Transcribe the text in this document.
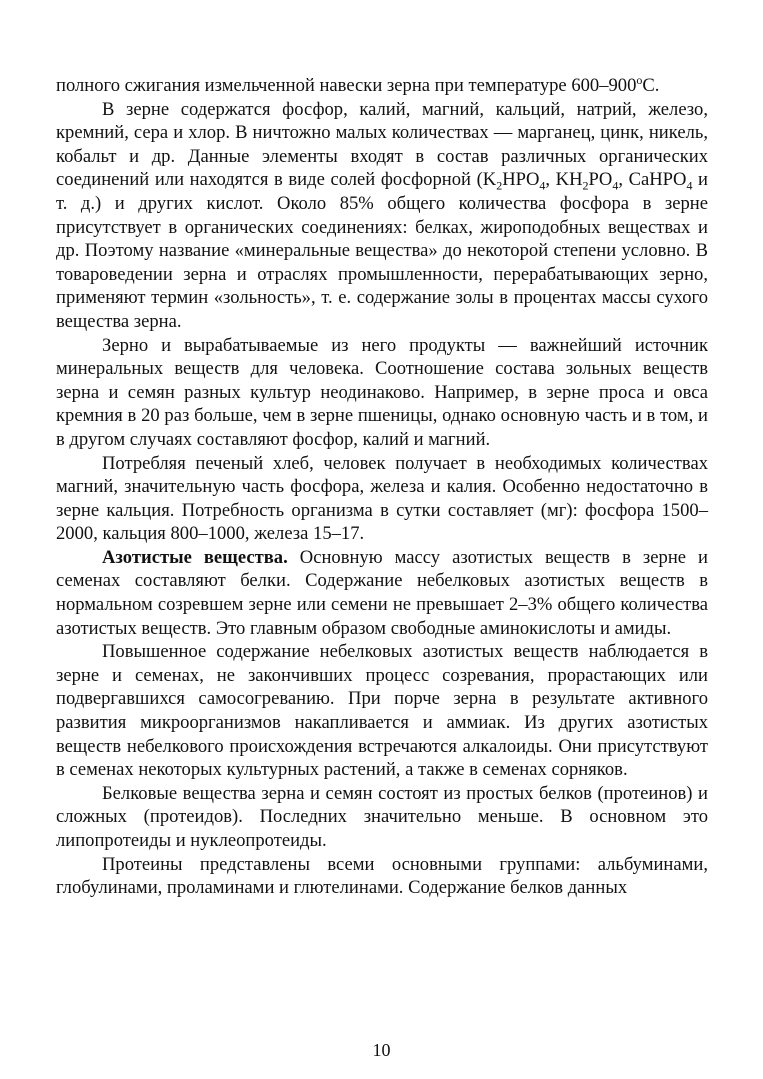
полного сжигания измельченной навески зерна при температуре $600-900^оС$.

В зерне содержатся фосфор, калий, магний, кальций, натрий, железо, кремний, сера и хлор. В ничтожно малых количествах — марганец, цинк, никель, кобальт и др. Данные элементы входят в состав различных органических соединений или находятся в виде солей фосфорной ($K_2HPO_4$, $KH_2PO_4$, CaHPO$_4$ и т. д.) и других кислот. Около 85% общего количества фосфора в зерне присутствует в органических соединениях: белках, жироподобных веществах и др. Поэтому название «минеральные вещества» до некоторой степени условно. В товароведении зерна и отраслях промышленности, перерабатывающих зерно, применяют термин «зольность», т. е. содержание золы в процентах массы сухого вещества зерна.

Зерно и вырабатываемые из него продукты — важнейший источник минеральных веществ для человека. Соотношение состава зольных веществ зерна и семян разных культур неодинаково. Например, в зерне проса и овса кремния в 20 раз больше, чем в зерне пшеницы, однако основную часть и в том, и в другом случаях составляют фосфор, калий и магний.

Потребляя печеный хлеб, человек получает в необходимых количествах магний, значительную часть фосфора, железа и калия. Особенно недостаточно в зерне кальция. Потребность организма в сутки составляет (мг): фосфора 1500–2000, кальция 800–1000, железа 15–17.

Азотистые вещества. Основную массу азотистых веществ в зерне и семенах составляют белки. Содержание небелковых азотистых веществ в нормальном созревшем зерне или семени не превышает 2–3% общего количества азотистых веществ. Это главным образом свободные аминокислоты и амиды.

Повышенное содержание небелковых азотистых веществ наблюдается в зерне и семенах, не закончивших процесс созревания, прорастающих или подвергавшихся самосогреванию. При порче зерна в результате активного развития микроорганизмов накапливается и аммиак. Из других азотистых веществ небелкового происхождения встречаются алкалоиды. Они присутствуют в семенах некоторых культурных растений, а также в семенах сорняков.

Белковые вещества зерна и семян состоят из простых белков (протеинов) и сложных (протеидов). Последних значительно меньше. В основном это липопротеиды и нуклеопротеиды.

Протеины представлены всеми основными группами: альбуминами, глобулинами, проламинами и глютелинами. Содержание белков данных

10
